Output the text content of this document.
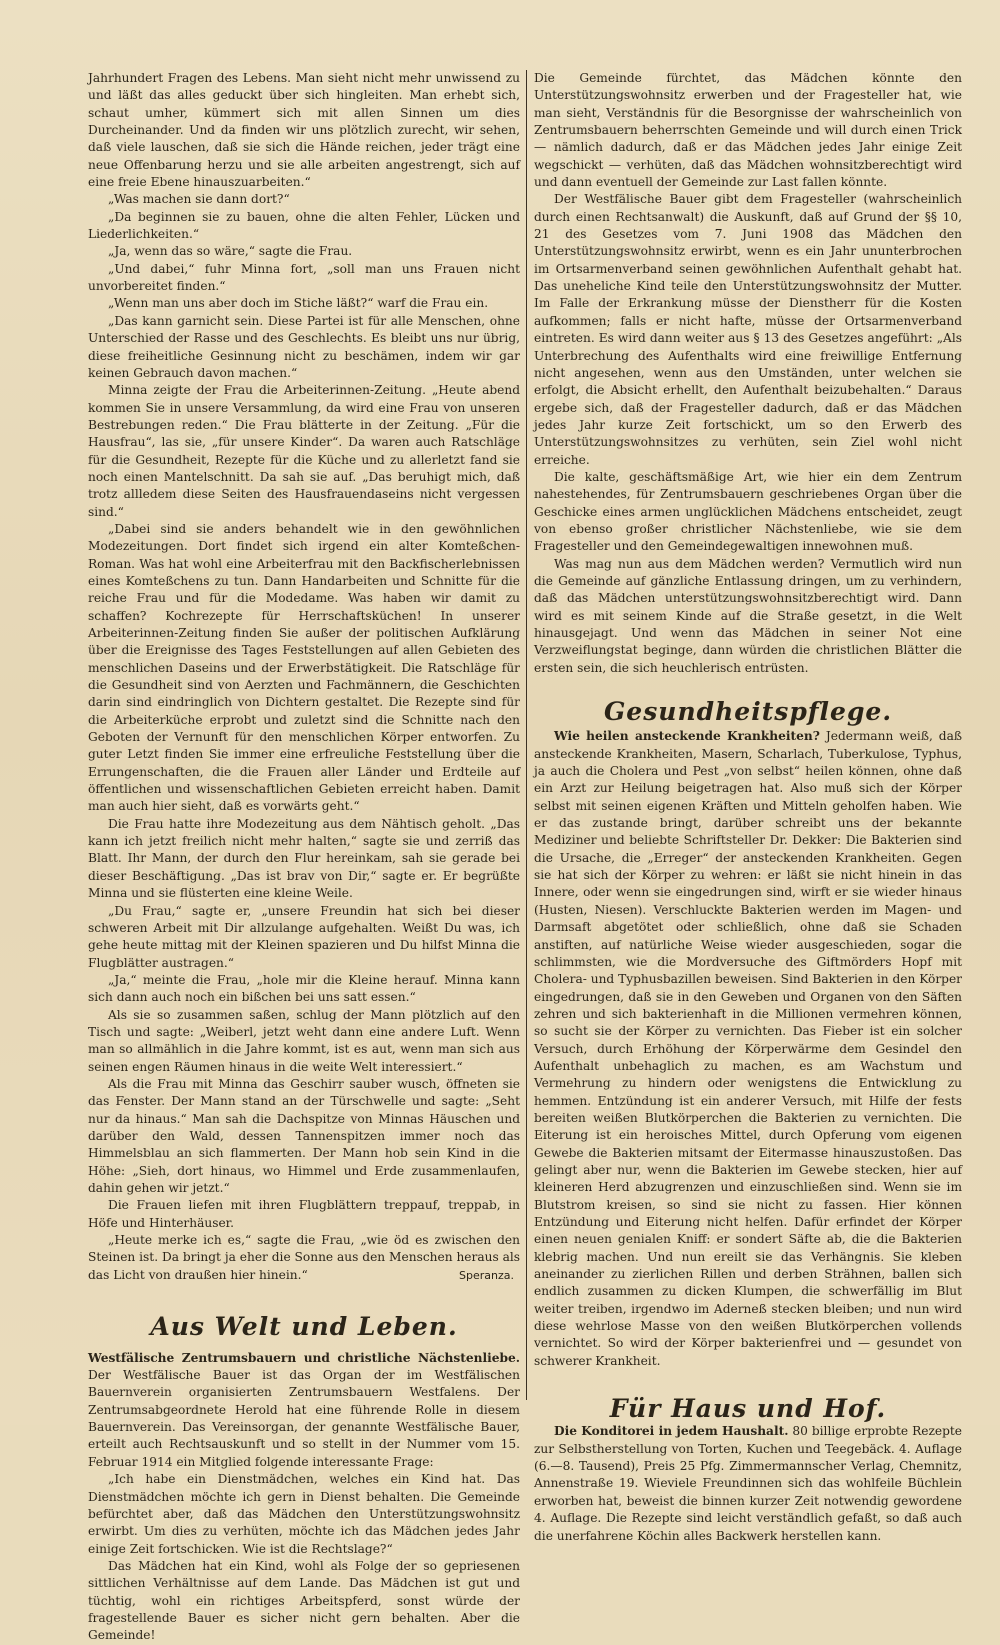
Jahrhundert Fragen des Lebens. Man sieht nicht mehr unwissend zu und läßt das alles geduckt über sich hingleiten. Man erhebt sich, schaut umher, kümmert sich mit allen Sinnen um dies Durcheinander. Und da finden wir uns plötzlich zurecht, wir sehen, daß viele lauschen, daß sie sich die Hände reichen, jeder trägt eine neue Offenbarung herzu und sie alle arbeiten angestrengt, sich auf eine freie Ebene hinauszuarbeiten.“

„Was machen sie dann dort?“

„Da beginnen sie zu bauen, ohne die alten Fehler, Lücken und Liederlichkeiten.“

„Ja, wenn das so wäre,“ sagte die Frau.

„Und dabei,“ fuhr Minna fort, „soll man uns Frauen nicht unvorbereitet finden.“

„Wenn man uns aber doch im Stiche läßt?“ warf die Frau ein.

„Das kann garnicht sein. Diese Partei ist für alle Menschen, ohne Unterschied der Rasse und des Geschlechts. Es bleibt uns nur übrig, diese freiheitliche Gesinnung nicht zu beschämen, indem wir gar keinen Gebrauch davon machen.“

Minna zeigte der Frau die Arbeiterinnen-Zeitung. „Heute abend kommen Sie in unsere Versammlung, da wird eine Frau von unseren Bestrebungen reden.“ Die Frau blätterte in der Zeitung. „Für die Hausfrau“, las sie, „für unsere Kinder“. Da waren auch Ratschläge für die Gesundheit, Rezepte für die Küche und zu allerletzt fand sie noch einen Mantelschnitt. Da sah sie auf. „Das beruhigt mich, daß trotz allledem diese Seiten des Hausfrauendaseins nicht vergessen sind.“

„Dabei sind sie anders behandelt wie in den gewöhnlichen Modezeitungen. Dort findet sich irgend ein alter Komteßchen-Roman. Was hat wohl eine Arbeiterfrau mit den Backfischerlebnissen eines Komteßchens zu tun. Dann Handarbeiten und Schnitte für die reiche Frau und für die Modedame. Was haben wir damit zu schaffen? Kochrezepte für Herrschaftsküchen! In unserer Arbeiterinnen-Zeitung finden Sie außer der politischen Aufklärung über die Ereignisse des Tages Feststellungen auf allen Gebieten des menschlichen Daseins und der Erwerbstätigkeit. Die Ratschläge für die Gesundheit sind von Aerzten und Fachmännern, die Geschichten darin sind eindringlich von Dichtern gestaltet. Die Rezepte sind für die Arbeiterküche erprobt und zuletzt sind die Schnitte nach den Geboten der Vernunft für den menschlichen Körper entworfen. Zu guter Letzt finden Sie immer eine erfreuliche Feststellung über die Errungenschaften, die die Frauen aller Länder und Erdteile auf öffentlichen und wissenschaftlichen Gebieten erreicht haben. Damit man auch hier sieht, daß es vorwärts geht.“

Die Frau hatte ihre Modezeitung aus dem Nähtisch geholt. „Das kann ich jetzt freilich nicht mehr halten,“ sagte sie und zerriß das Blatt. Ihr Mann, der durch den Flur hereinkam, sah sie gerade bei dieser Beschäftigung. „Das ist brav von Dir,“ sagte er. Er begrüßte Minna und sie flüsterten eine kleine Weile.

„Du Frau,“ sagte er, „unsere Freundin hat sich bei dieser schweren Arbeit mit Dir allzulange aufgehalten. Weißt Du was, ich gehe heute mittag mit der Kleinen spazieren und Du hilfst Minna die Flugblätter austragen.“

„Ja,“ meinte die Frau, „hole mir die Kleine herauf. Minna kann sich dann auch noch ein bißchen bei uns satt essen.“

Als sie so zusammen saßen, schlug der Mann plötzlich auf den Tisch und sagte: „Weiberl, jetzt weht dann eine andere Luft. Wenn man so allmählich in die Jahre kommt, ist es aut, wenn man sich aus seinen engen Räumen hinaus in die weite Welt interessiert.“

Als die Frau mit Minna das Geschirr sauber wusch, öffneten sie das Fenster. Der Mann stand an der Türschwelle und sagte: „Seht nur da hinaus.“ Man sah die Dachspitze von Minnas Häuschen und darüber den Wald, dessen Tannenspitzen immer noch das Himmelsblau an sich flammerten. Der Mann hob sein Kind in die Höhe: „Sieh, dort hinaus, wo Himmel und Erde zusammenlaufen, dahin gehen wir jetzt.“

Die Frauen liefen mit ihren Flugblättern treppauf, treppab, in Höfe und Hinterhäuser.

„Heute merke ich es,“ sagte die Frau, „wie öd es zwischen den Steinen ist. Da bringt ja eher die Sonne aus den Menschen heraus als das Licht von draußen hier hinein.“	Speranza.
Aus Welt und Leben.

Westfälische Zentrumsbauern und christliche Nächstenliebe. Der Westfälische Bauer ist das Organ der im Westfälischen Bauernverein organisierten Zentrumsbauern Westfalens. Der Zentrumsabgeordnete Herold hat eine führende Rolle in diesem Bauernverein. Das Vereinsorgan, der genannte Westfälische Bauer, erteilt auch Rechtsauskunft und so stellt in der Nummer vom 15. Februar 1914 ein Mitglied folgende interessante Frage:

„Ich habe ein Dienstmädchen, welches ein Kind hat. Das Dienstmädchen möchte ich gern in Dienst behalten. Die Gemeinde befürchtet aber, daß das Mädchen den Unterstützungswohnsitz erwirbt. Um dies zu verhüten, möchte ich das Mädchen jedes Jahr einige Zeit fortschicken. Wie ist die Rechtslage?“

Das Mädchen hat ein Kind, wohl als Folge der so gepriesenen sittlichen Verhältnisse auf dem Lande. Das Mädchen ist gut und tüchtig, wohl ein richtiges Arbeitspferd, sonst würde der fragestellende Bauer es sicher nicht gern behalten. Aber die Gemeinde!

Die Gemeinde fürchtet, das Mädchen könnte den Unterstützungswohnsitz erwerben und der Fragesteller hat, wie man sieht, Verständnis für die Besorgnisse der wahrscheinlich von Zentrumsbauern beherrschten Gemeinde und will durch einen Trick — nämlich dadurch, daß er das Mädchen jedes Jahr einige Zeit wegschickt — verhüten, daß das Mädchen wohnsitzberechtigt wird und dann eventuell der Gemeinde zur Last fallen könnte.

Der Westfälische Bauer gibt dem Fragesteller (wahrscheinlich durch einen Rechtsanwalt) die Auskunft, daß auf Grund der §§ 10, 21 des Gesetzes vom 7. Juni 1908 das Mädchen den Unterstützungswohnsitz erwirbt, wenn es ein Jahr ununterbrochen im Ortsarmenverband seinen gewöhnlichen Aufenthalt gehabt hat. Das uneheliche Kind teile den Unterstützungswohnsitz der Mutter. Im Falle der Erkrankung müsse der Dienstherr für die Kosten aufkommen; falls er nicht hafte, müsse der Ortsarmenverband eintreten. Es wird dann weiter aus § 13 des Gesetzes angeführt: „Als Unterbrechung des Aufenthalts wird eine freiwillige Entfernung nicht angesehen, wenn aus den Umständen, unter welchen sie erfolgt, die Absicht erhellt, den Aufenthalt beizubehalten.“ Daraus ergebe sich, daß der Fragesteller dadurch, daß er das Mädchen jedes Jahr kurze Zeit fortschickt, um so den Erwerb des Unterstützungswohnsitzes zu verhüten, sein Ziel wohl nicht erreiche.

Die kalte, geschäftsmäßige Art, wie hier ein dem Zentrum nahestehendes, für Zentrumsbauern geschriebenes Organ über die Geschicke eines armen unglücklichen Mädchens entscheidet, zeugt von ebenso großer christlicher Nächstenliebe, wie sie dem Fragesteller und den Gemeindegewaltigen innewohnen muß.

Was mag nun aus dem Mädchen werden? Vermutlich wird nun die Gemeinde auf gänzliche Entlassung dringen, um zu verhindern, daß das Mädchen unterstützungswohnsitzberechtigt wird. Dann wird es mit seinem Kinde auf die Straße gesetzt, in die Welt hinausgejagt. Und wenn das Mädchen in seiner Not eine Verzweiflungstat beginge, dann würden die christlichen Blätter die ersten sein, die sich heuchlerisch entrüsten.

Gesundheitspflege.

Wie heilen ansteckende Krankheiten? Jedermann weiß, daß ansteckende Krankheiten, Masern, Scharlach, Tuberkulose, Typhus, ja auch die Cholera und Pest „von selbst“ heilen können, ohne daß ein Arzt zur Heilung beigetragen hat. Also muß sich der Körper selbst mit seinen eigenen Kräften und Mitteln geholfen haben. Wie er das zustande bringt, darüber schreibt uns der bekannte Mediziner und beliebte Schriftsteller Dr. Dekker: Die Bakterien sind die Ursache, die „Erreger“ der ansteckenden Krankheiten. Gegen sie hat sich der Körper zu wehren: er läßt sie nicht hinein in das Innere, oder wenn sie eingedrungen sind, wirft er sie wieder hinaus (Husten, Niesen). Verschluckte Bakterien werden im Magen- und Darmsaft abgetötet oder schließlich, ohne daß sie Schaden anstiften, auf natürliche Weise wieder ausgeschieden, sogar die schlimmsten, wie die Mordversuche des Giftmörders Hopf mit Cholera- und Typhusbazillen beweisen. Sind Bakterien in den Körper eingedrungen, daß sie in den Geweben und Organen von den Säften zehren und sich bakterienhaft in die Millionen vermehren können, so sucht sie der Körper zu vernichten. Das Fieber ist ein solcher Versuch, durch Erhöhung der Körperwärme dem Gesindel den Aufenthalt unbehaglich zu machen, es am Wachstum und Vermehrung zu hindern oder wenigstens die Entwicklung zu hemmen. Entzündung ist ein anderer Versuch, mit Hilfe der fests bereiten weißen Blutkörperchen die Bakterien zu vernichten. Die Eiterung ist ein heroisches Mittel, durch Opferung vom eigenen Gewebe die Bakterien mitsamt der Eitermasse hinauszustoßen. Das gelingt aber nur, wenn die Bakterien im Gewebe stecken, hier auf kleineren Herd abzugrenzen und einzuschließen sind. Wenn sie im Blutstrom kreisen, so sind sie nicht zu fassen. Hier können Entzündung und Eiterung nicht helfen. Dafür erfindet der Körper einen neuen genialen Kniff: er sondert Säfte ab, die die Bakterien klebrig machen. Und nun ereilt sie das Verhängnis. Sie kleben aneinander zu zierlichen Rillen und derben Strähnen, ballen sich endlich zusammen zu dicken Klumpen, die schwerfällig im Blut weiter treiben, irgendwo im Aderneß stecken bleiben; und nun wird diese wehrlose Masse von den weißen Blutkörperchen vollends vernichtet. So wird der Körper bakterienfrei und — gesundet von schwerer Krankheit.

Für Haus und Hof.

Die Konditorei in jedem Haushalt. 80 billige erprobte Rezepte zur Selbstherstellung von Torten, Kuchen und Teegebäck. 4. Auflage (6.—8. Tausend), Preis 25 Pfg. Zimmermannscher Verlag, Chemnitz, Annenstraße 19. Wieviele Freundinnen sich das wohlfeile Büchlein erworben hat, beweist die binnen kurzer Zeit notwendig gewordene 4. Auflage. Die Rezepte sind leicht verständlich gefaßt, so daß auch die unerfahrene Köchin alles Backwerk herstellen kann.
